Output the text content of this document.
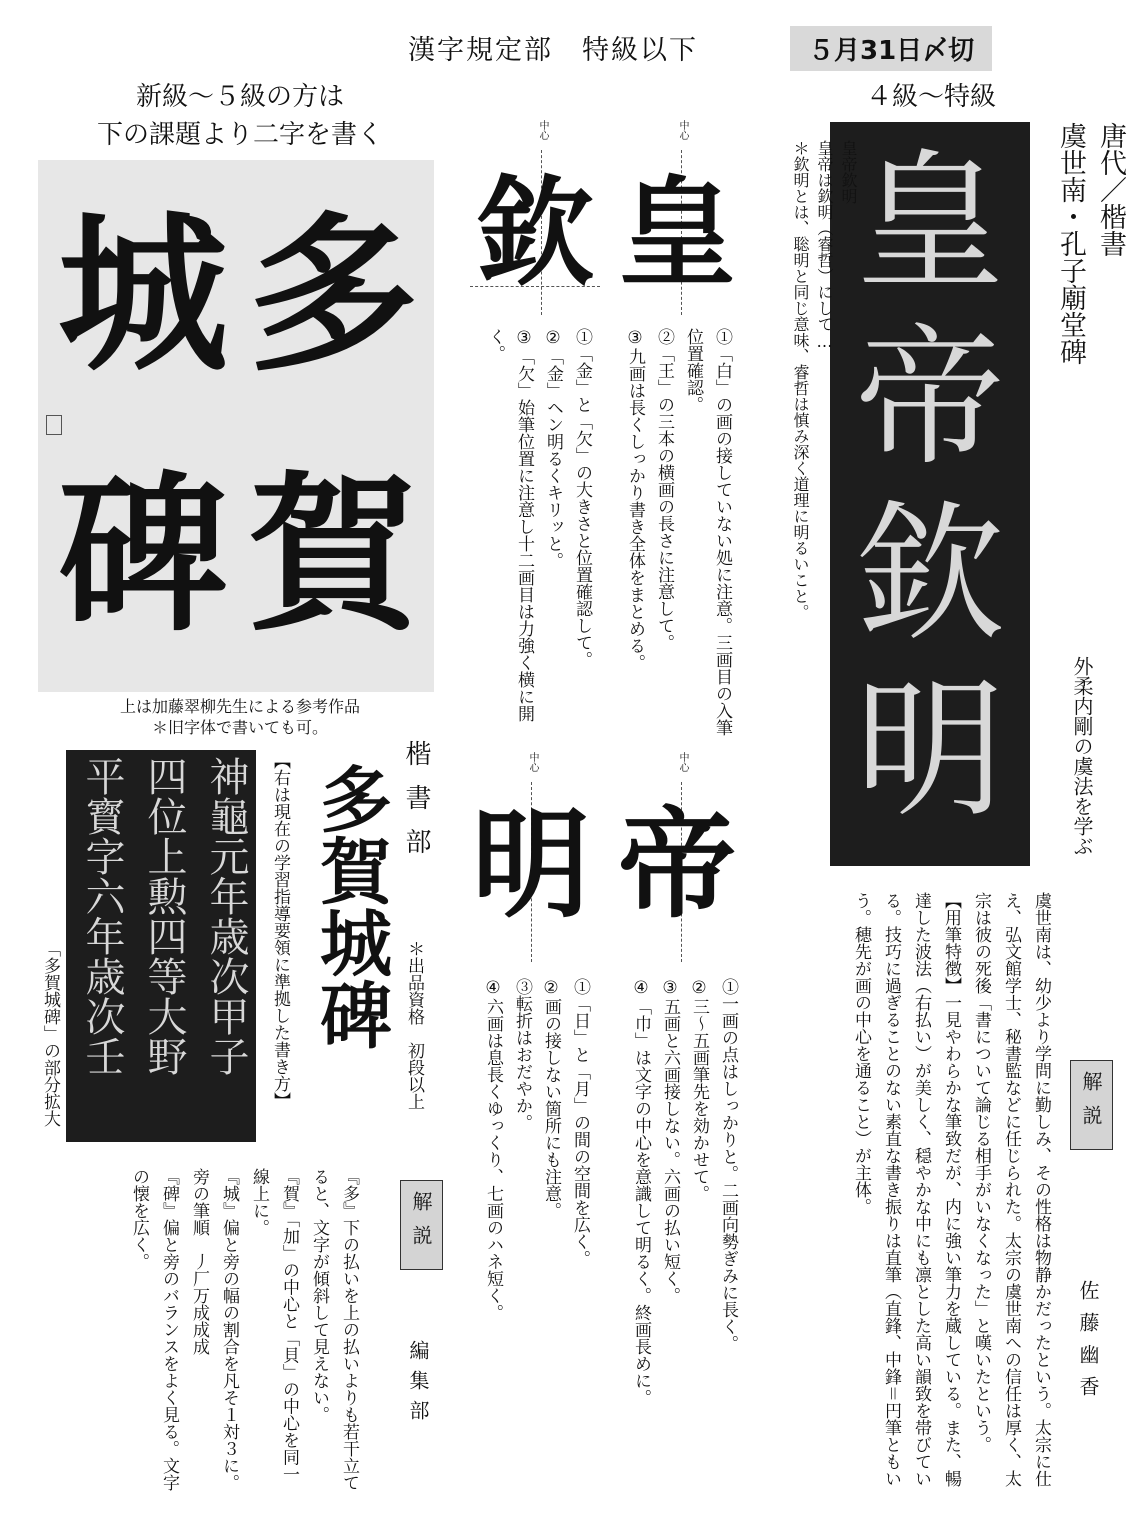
漢字規定部　特級以下	５月31日〆切
新級～５級の方は
下の課題より二字を書く
城 多
碑 賀
上は加藤翠柳先生による参考作品
＊旧字体で書いても可。
４級～特級
皇
帝
欽
明
唐代／楷書
虞世南・孔子廟堂碑
皇帝欽明
皇帝は欽明（睿哲）にして…
＊欽明とは、聡明と同じ意味、睿哲は慎み深く道理に明るいこと。
外柔内剛の虞法を学ぶ
中心	中心
欽 皇
①「白」の画の接していない処に注意。三画目の入筆位置確認。
②「王」の三本の横画の長さに注意して。
③九画は長くしっかり書き全体をまとめる。
①「金」と「欠」の大きさと位置確認して。
②「金」ヘン明るくキリッと。
③「欠」始筆位置に注意し十二画目は力強く横に開く。
中心	中心
明 帝
①一画の点はしっかりと。二画向勢ぎみに長く。
②三～五画筆先を効かせて。
③五画と六画接しない。六画の払い短く。
④「巾」は文字の中心を意識して明るく。終画長めに。
①「日」と「月」の間の空間を広く。
②画の接しない箇所にも注意。
③転折はおだやか。
④六画は息長くゆっくり、七画のハネ短く。
楷書部
＊出品資格　初段以上
多賀城碑
【右は現在の学習指導要領に準拠した書き方】
神龜元年歳次甲子
四位上勲四等大野
平寳字六年歳次壬
「多賀城碑」の部分拡大
解説
編集部
『多』下の払いを上の払いよりも若干立てると、文字が傾斜して見えない。
『賀』「加」の中心と「貝」の中心を同一線上に。
『城』偏と旁の幅の割合を凡そ１対３に。
旁の筆順　丿厂万成成成
『碑』偏と旁のバランスをよく見る。文字の懐を広く。
解説
佐藤幽香
虞世南は、幼少より学問に勤しみ、その性格は物静かだったという。太宗に仕え、弘文館学士、秘書監などに任じられた。太宗の虞世南への信任は厚く、太宗は彼の死後「書について論じる相手がいなくなった」と嘆いたという。
【用筆特徴】一見やわらかな筆致だが、内に強い筆力を蔵している。また、暢達した波法（右払い）が美しく、穏やかな中にも凛とした高い韻致を帯びている。技巧に過ぎることのない素直な書き振りは直筆（直鋒、中鋒＝円筆ともいう。穂先が画の中心を通ること）が主体。
